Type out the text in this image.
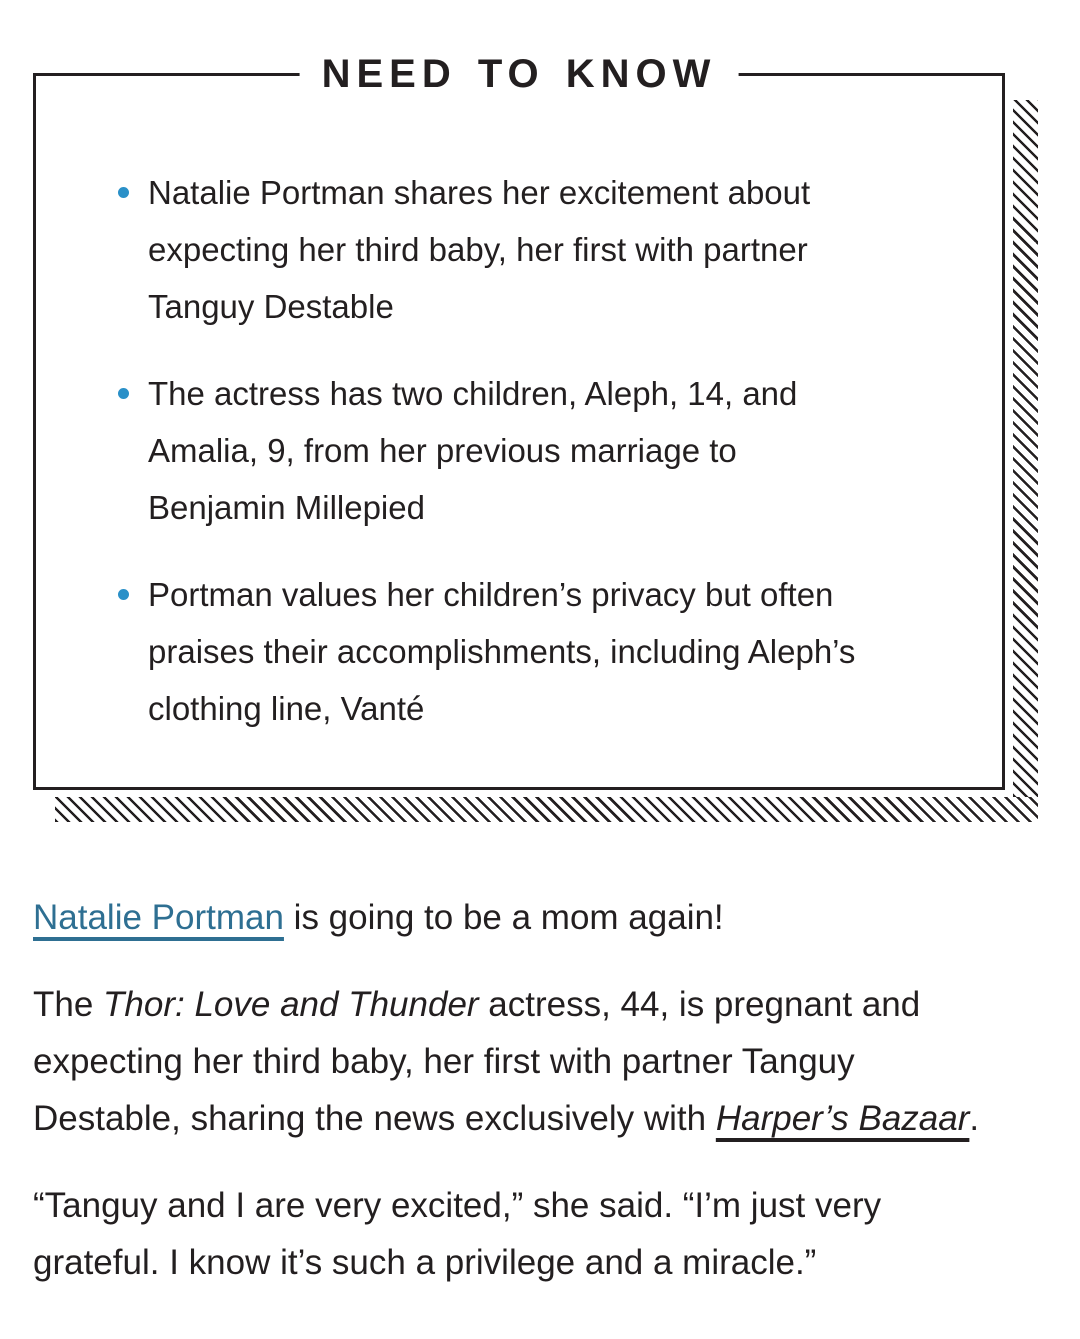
NEED TO KNOW
Natalie Portman shares her excitement about
expecting her third baby, her first with partner
Tanguy Destable
The actress has two children, Aleph, 14, and
Amalia, 9, from her previous marriage to
Benjamin Millepied
Portman values her children’s privacy but often
praises their accomplishments, including Aleph’s
clothing line, Vanté

Natalie Portman is going to be a mom again!

The Thor: Love and Thunder actress, 44, is pregnant and
expecting her third baby, her first with partner Tanguy
Destable, sharing the news exclusively with Harper’s Bazaar.

“Tanguy and I are very excited,” she said. “I’m just very
grateful. I know it’s such a privilege and a miracle.”
